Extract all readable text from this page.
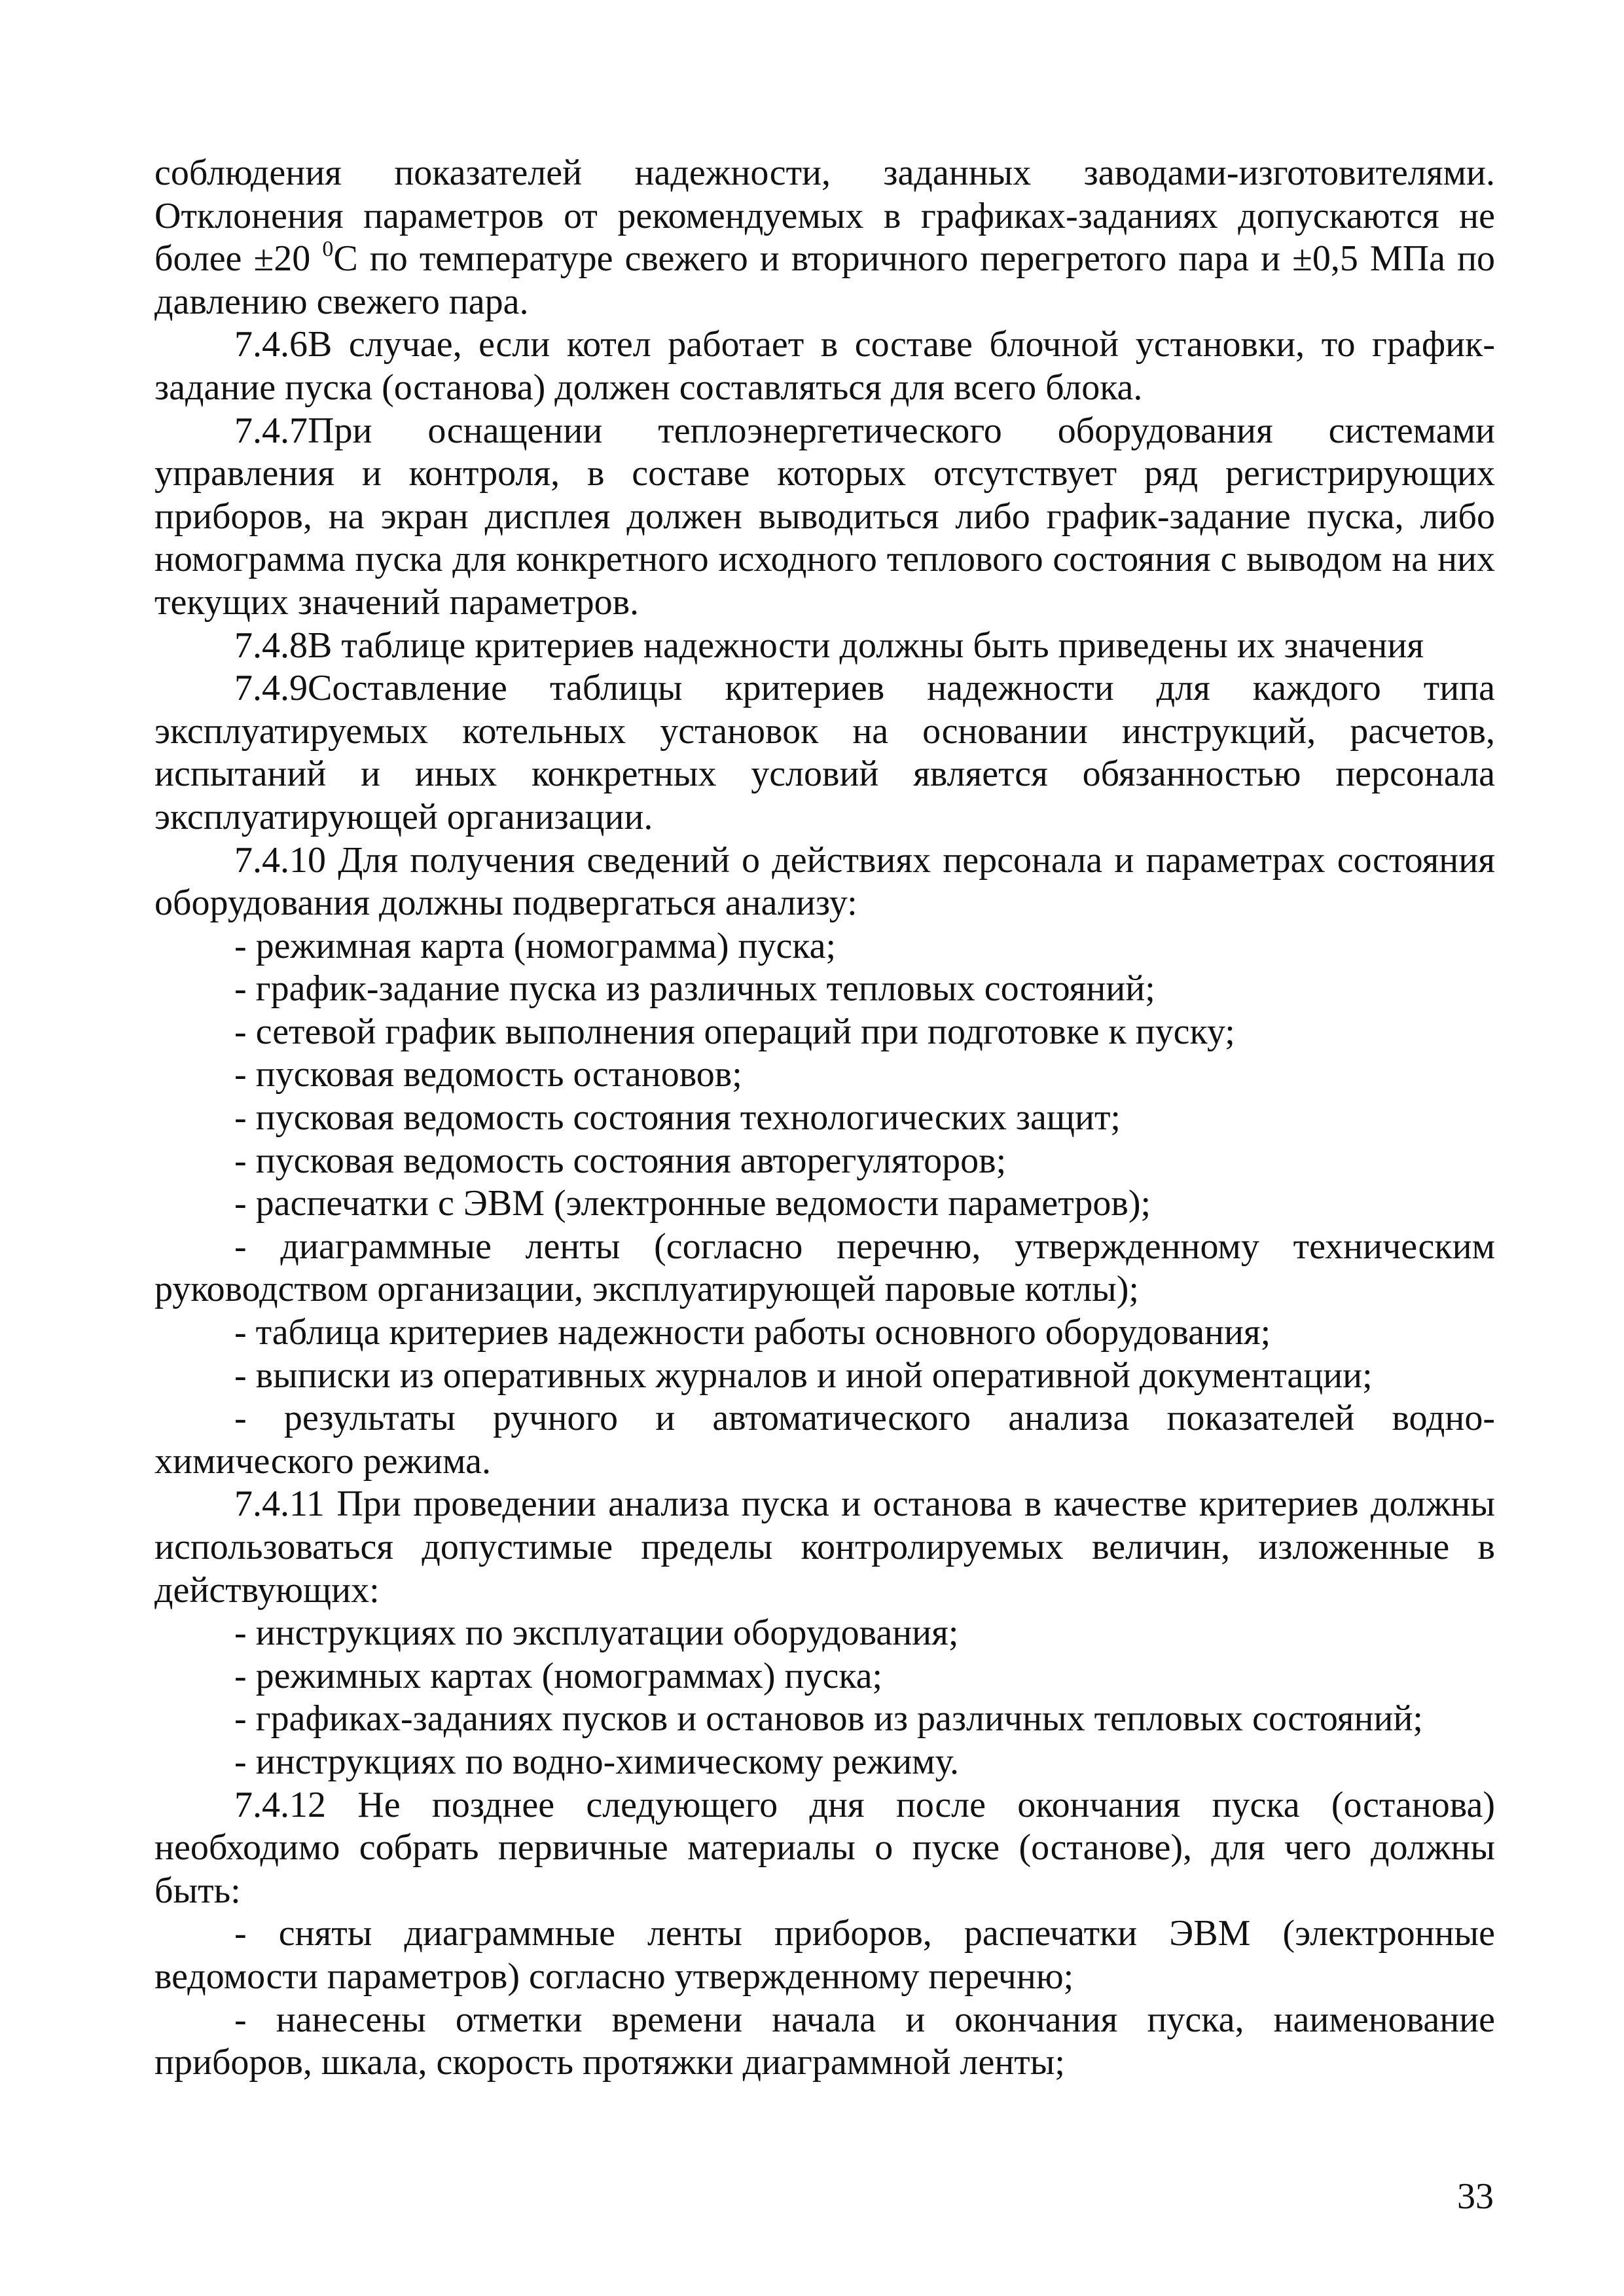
соблюдения показателей надежности, заданных заводами-изготовителями. Отклонения параметров от рекомендуемых в графиках-заданиях допускаются не более ±20 $^0$С по температуре свежего и вторичного перегретого пара и ±0,5 МПа по давлению свежего пара.

7.4.6В случае, если котел работает в составе блочной установки, то график-задание пуска (останова) должен составляться для всего блока.

7.4.7При оснащении теплоэнергетического оборудования системами управления и контроля, в составе которых отсутствует ряд регистрирующих приборов, на экран дисплея должен выводиться либо график-задание пуска, либо номограмма пуска для конкретного исходного теплового состояния с выводом на них текущих значений параметров.

7.4.8В таблице критериев надежности должны быть приведены их значения

7.4.9Составление таблицы критериев надежности для каждого типа эксплуатируемых котельных установок на основании инструкций, расчетов, испытаний и иных конкретных условий является обязанностью персонала эксплуатирующей организации.

7.4.10 Для получения сведений о действиях персонала и параметрах состояния оборудования должны подвергаться анализу:

- режимная карта (номограмма) пуска;

- график-задание пуска из различных тепловых состояний;

- сетевой график выполнения операций при подготовке к пуску;

- пусковая ведомость остановов;

- пусковая ведомость состояния технологических защит;

- пусковая ведомость состояния авторегуляторов;

- распечатки с ЭВМ (электронные ведомости параметров);

- диаграммные ленты (согласно перечню, утвержденному техническим руководством организации, эксплуатирующей паровые котлы);

- таблица критериев надежности работы основного оборудования;

- выписки из оперативных журналов и иной оперативной документации;

- результаты ручного и автоматического анализа показателей водно-химического режима.

7.4.11 При проведении анализа пуска и останова в качестве критериев должны использоваться допустимые пределы контролируемых величин, изложенные в действующих:

- инструкциях по эксплуатации оборудования;

- режимных картах (номограммах) пуска;

- графиках-заданиях пусков и остановов из различных тепловых состояний;

- инструкциях по водно-химическому режиму.

7.4.12 Не позднее следующего дня после окончания пуска (останова) необходимо собрать первичные материалы о пуске (останове), для чего должны быть:

- сняты диаграммные ленты приборов, распечатки ЭВМ (электронные ведомости параметров) согласно утвержденному перечню;

- нанесены отметки времени начала и окончания пуска, наименование приборов, шкала, скорость протяжки диаграммной ленты;

33
